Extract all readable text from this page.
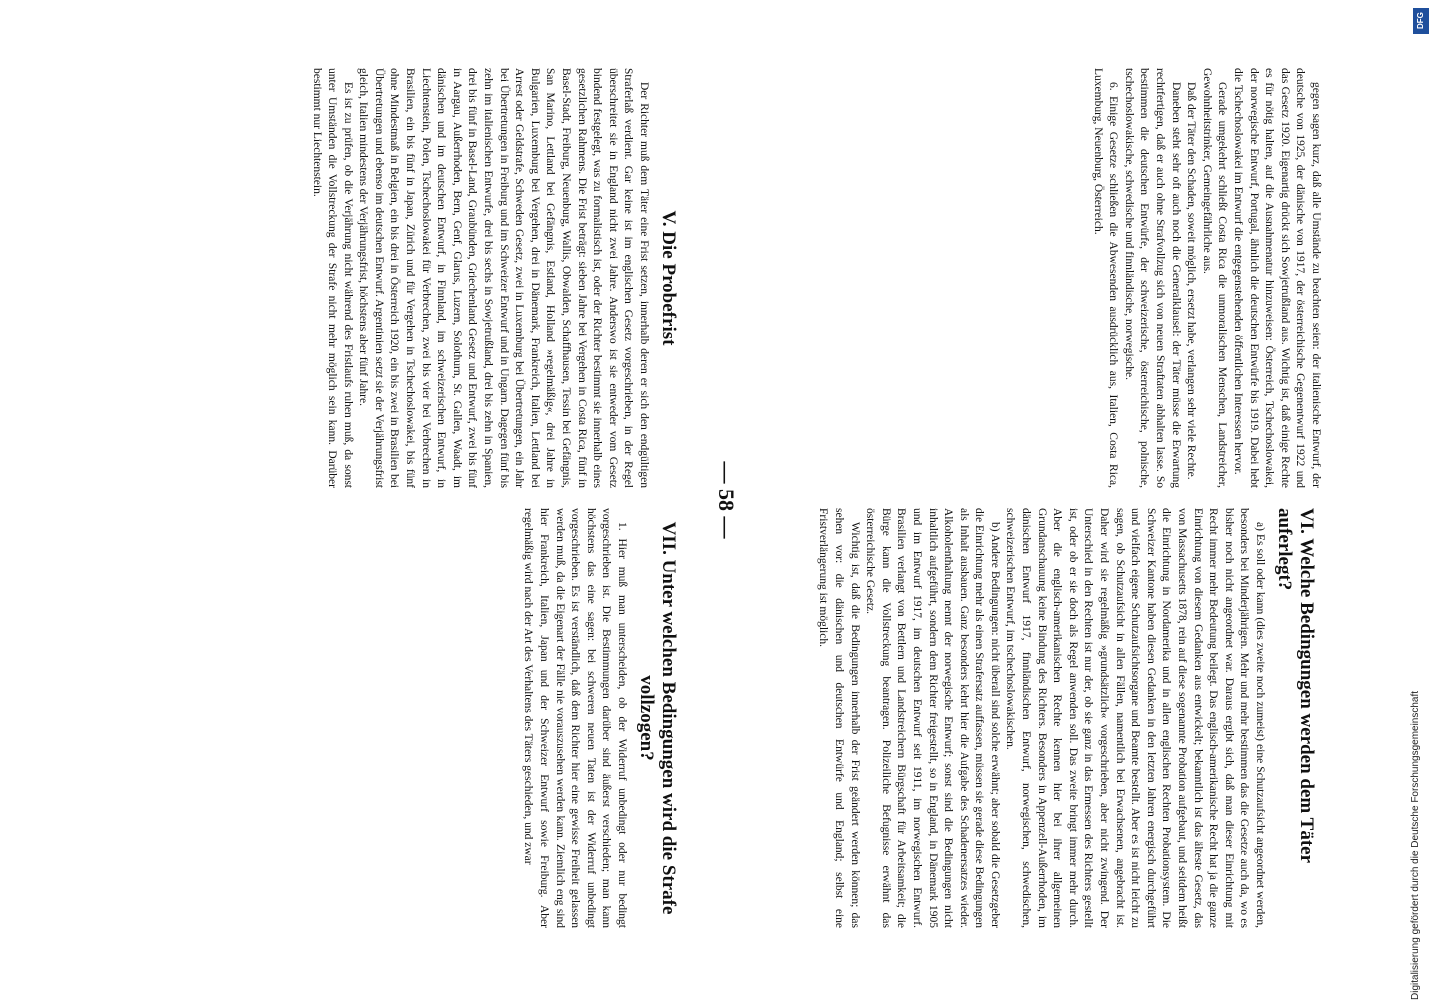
gegen sagen kurz, daß alle Umstände zu beachten seien: der italienische Entwurf, der deutsche von 1925, der dänische von 1917, der österreichische Gegenentwurf 1922 und das Gesetz 1920. Eigenartig drückt sich Sowjetrußland aus. Wichtig ist, daß einige Rechte es für nötig halten, auf die Ausnahmenatur hinzuweisen: Österreich, Tschechoslowakei, der norwegische Entwurf, Portugal, ähnlich die deutschen Entwürfe bis 1919. Dabei hebt die Tschechoslowakei im Entwurf die entgegenstehenden öffentlichen Interessen hervor.

Gerade umgekehrt schließt Costa Rica die unmoralischen Menschen, Landstreicher, Gewohnheitstrinker, Gemeingefährliche aus.

Daß der Täter den Schaden, soweit möglich, ersetzt habe, verlangen sehr viele Rechte.

Daneben steht sehr oft auch noch die Generalklausel: der Täter müsse die Erwartung rechtfertigen, daß er auch ohne Strafvollzug sich von neuen Straftaten abhalten lasse. So bestimmen die deutschen Entwürfe, der schweizerische, österreichische, polnische, tschechoslowakische, schwedische und finnländische, norwegische.

6. Einige Gesetze schließen die Abwesenden ausdrücklich aus, Italien, Costa Rica, Luxemburg, Neuenburg, Österreich.

VI. Welche Bedingungen werden dem Täter auferlegt?

a) Es soll oder kann (dies zweite noch zumeist) eine Schutzaufsicht angeordnet werden, besonders bei Minderjährigen. Mehr und mehr bestimmen das die Gesetze auch da, wo es bisher noch nicht angeordnet war. Daraus ergibt sich, daß man dieser Einrichtung mit Recht immer mehr Bedeutung beilegt. Das englisch-amerikanische Recht hat ja die ganze Einrichtung von diesem Gedanken aus entwickelt; bekanntlich ist das älteste Gesetz, das von Massachusetts 1878, rein auf diese sogenannte Probation aufgebaut, und seitdem heißt die Einrichtung in Nordamerika und in allen englischen Rechten Probationsystem. Die Schweizer Kantone haben diesen Gedanken in den letzten Jahren energisch durchgeführt und vielfach eigene Schutzaufsichtsorgane und Beamte bestellt. Aber es ist nicht leicht zu sagen, ob Schutzaufsicht in allen Fällen, namentlich bei Erwachsenen, angebracht ist. Daher wird sie regelmäßig »grundsätzlich« vorgeschrieben, aber nicht zwingend. Der Unterschied in den Rechten ist nur der, ob sie ganz in das Ermessen des Richters gestellt ist, oder ob er sie doch als Regel anwenden soll. Das zweite bringt immer mehr durch. Aber die englisch-amerikanischen Rechte kennen hier bei ihrer allgemeinen Grundanschauung keine Bindung des Richters. Besonders in Appenzell-Außerrhoden, im dänischen Entwurf 1917, finnländischen Entwurf, norwegischen, schwedischen, schweizerischen Entwurf, im tschechoslowakischen.

b) Andere Bedingungen: nicht überall sind solche erwähnt; aber sobald die Gesetzgeber die Einrichtung mehr als einen Strafersatz auffassen, müssen sie gerade diese Bedingungen als Inhalt ausbauen. Ganz besonders kehrt hier die Aufgabe des Schadenersatzes wieder. Alkoholenthaltung nennt der norwegische Entwurf; sonst sind die Bedingungen nicht inhaltlich aufgeführt, sondern dem Richter freigestellt, so in England, in Dänemark 1905 und im Entwurf 1917, im deutschen Entwurf seit 1911, im norwegischen Entwurf. Brasilien verlangt von Bettlern und Landstreichern Bürgschaft für Arbeitsamkeit; die Bürge kann die Vollstreckung beantragen. Polizeiliche Befugnisse erwähnt das österreichische Gesetz.

Wichtig ist, daß die Bedingungen innerhalb der Frist geändert werden können; das sehen vor: die dänischen und deutschen Entwürfe und England; selbst eine Fristverlängerung ist möglich.

— 58 —
V. Die Probefrist

Der Richter muß dem Täter eine Frist setzen, innerhalb deren er sich den endgültigen Straferlaß verdient. Gar keine ist im englischen Gesetz vorgeschrieben, in der Regel überschreitet sie in England nicht zwei Jahre. Anderswo ist sie entweder vom Gesetz bindend festgelegt, was zu formalistisch ist, oder der Richter bestimmt sie innerhalb eines gesetzlichen Rahmens. Die Frist beträgt: sieben Jahre bei Vergehen in Costa Rica, fünf in Basel-Stadt, Freiburg, Neuenburg, Wallis, Obwalden, Schaffhausen, Tessin bei Gefängnis, San Marino, Lettland bei Gefängnis, Estland, Holland »regelmäßig«, drei Jahre in Bulgarien, Luxemburg bei Vergehen, drei in Dänemark, Frankreich, Italien, Lettland bei Arrest oder Geldstrafe, Schweden Gesetz, zwei in Luxemburg bei Übertretungen, ein Jahr bei Übertretungen in Freiburg und im Schweizer Entwurf und in Ungarn. Dagegen fünf bis zehn im italienischen Entwurfe, drei bis sechs in Sowjetrußland, drei bis zehn in Spanien, drei bis fünf in Basel-Land, Graubünden, Griechenland Gesetz und Entwurf, zwei bis fünf in Aargau, Außerrhoden, Bern, Genf, Glarus, Luzern, Solothurn, St. Gallen, Waadt, im dänischen und im deutschen Entwurf, in Finnland, im schweizerischen Entwurf, in Liechtenstein, Polen, Tschechoslowakei für Verbrechen, zwei bis vier bei Verbrechen in Brasilien, ein bis fünf in Japan, Zürich und für Vergehen in Tschechoslowakei, bis fünf ohne Mindestmaß in Belgien, ein bis drei in Österreich 1920, ein bis zwei in Brasilien bei Übertretungen und ebenso im deutschen Entwurf. Argentinien setzt sie der Verjährungsfrist gleich, Italien mindestens der Verjährungsfrist, höchstens aber fünf Jahre.

Es ist zu prüfen, ob die Verjährung nicht während des Fristlaufs ruhen muß, da sonst unter Umständen die Vollstreckung der Strafe nicht mehr möglich sein kann. Darüber bestimmt nur Liechtenstein.

VII. Unter welchen Bedingungen wird die Strafe vollzogen?

1. Hier muß man unterscheiden, ob der Widerruf unbedingt oder nur bedingt vorgeschrieben ist. Die Bestimmungen darüber sind äußerst verschieden; man kann höchstens das eine sagen: bei schweren neuen Taten ist der Widerruf unbedingt vorgeschrieben. Es ist verständlich, daß dem Richter hier eine gewisse Freiheit gelassen werden muß, da die Eigenart der Fälle nie vorauszusehen werden kann. Ziemlich eng sind hier Frankreich, Italien, Japan und der Schweizer Entwurf sowie Freiburg. Aber regelmäßig wird nach der Art des Verhaltens des Täters geschieden, und zwar

DFG
Digitalisierung gefördert durch die Deutsche Forschungsgemeinschaft
